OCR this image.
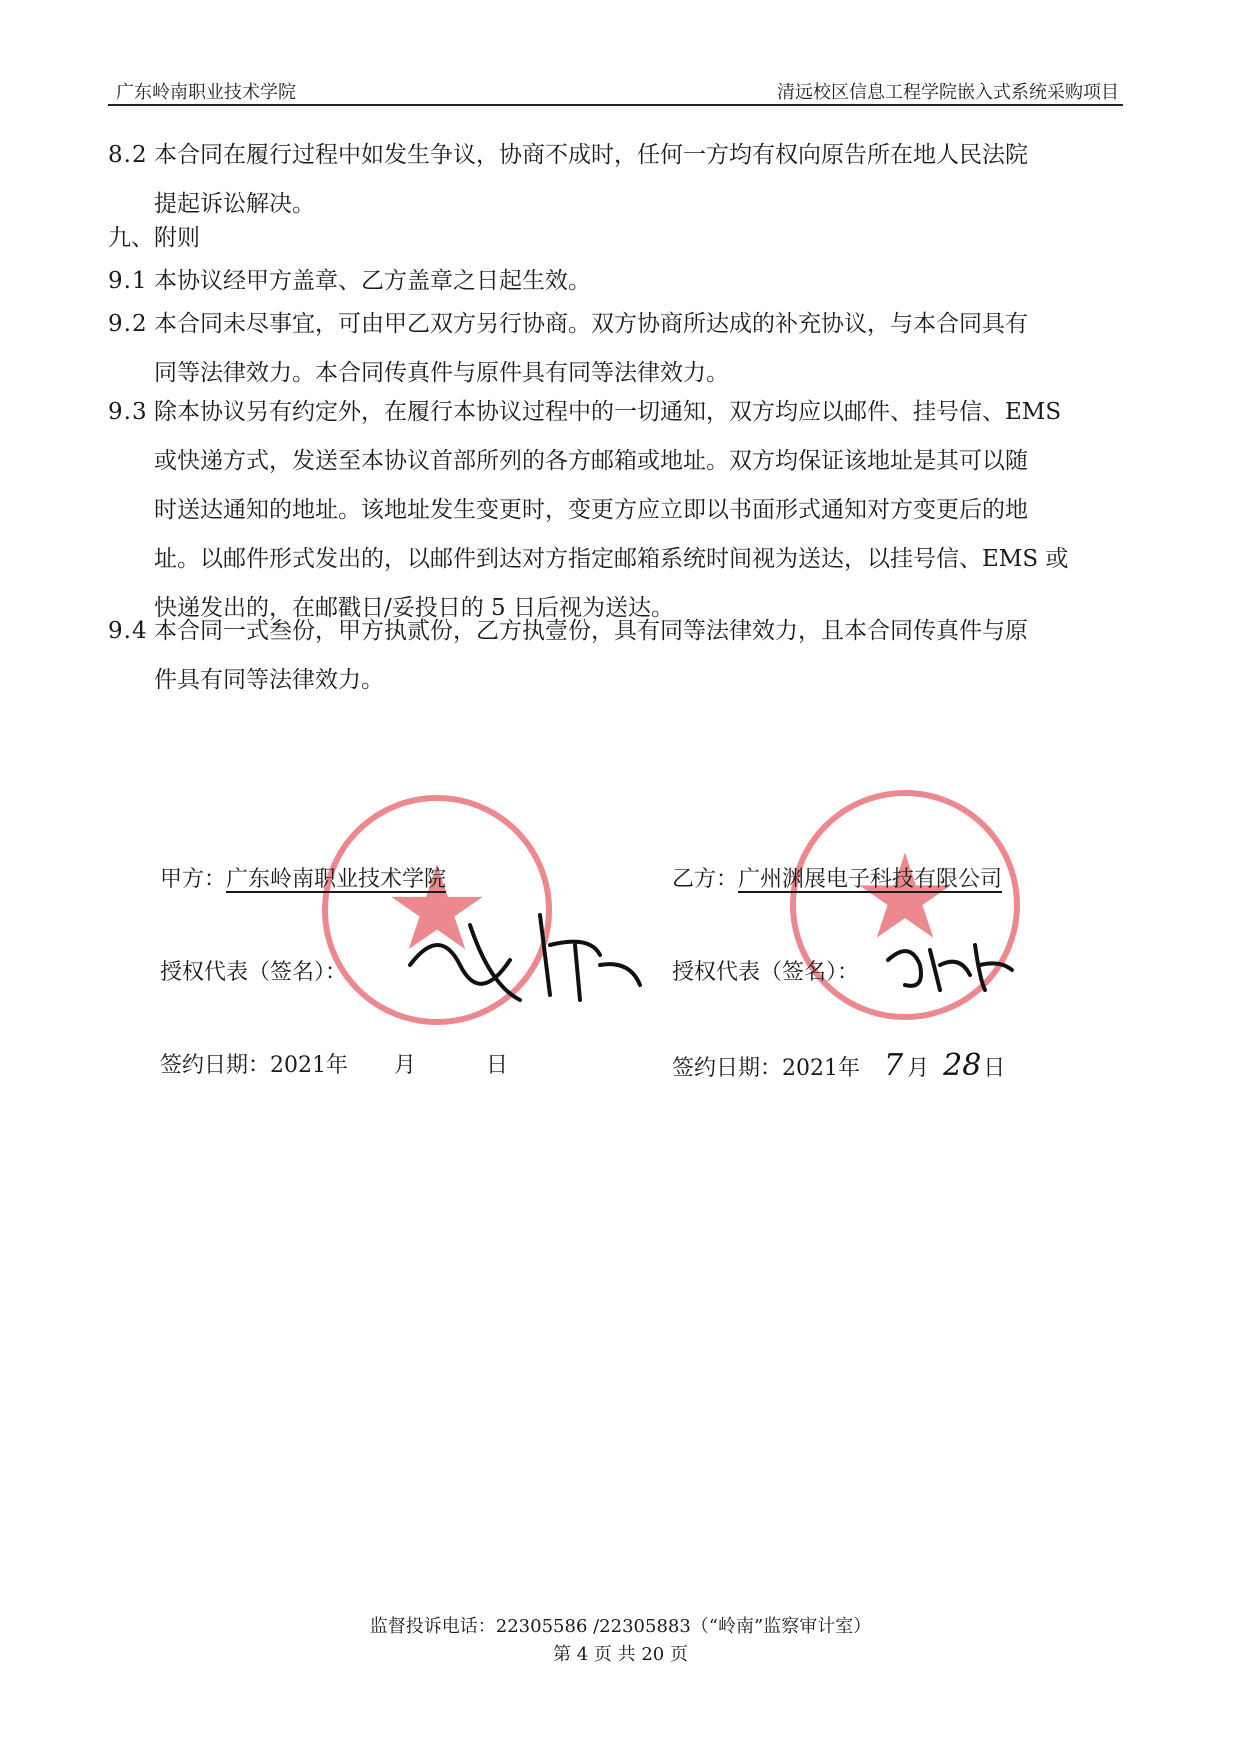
广东岭南职业技术学院	清远校区信息工程学院嵌入式系统采购项目
8.2 本合同在履行过程中如发生争议，协商不成时，任何一方均有权向原告所在地人民法院
提起诉讼解决。
九、附则
9.1 本协议经甲方盖章、乙方盖章之日起生效。
9.2 本合同未尽事宜，可由甲乙双方另行协商。双方协商所达成的补充协议，与本合同具有
同等法律效力。本合同传真件与原件具有同等法律效力。
9.3 除本协议另有约定外，在履行本协议过程中的一切通知，双方均应以邮件、挂号信、EMS
或快递方式，发送至本协议首部所列的各方邮箱或地址。双方均保证该地址是其可以随
时送达通知的地址。该地址发生变更时，变更方应立即以书面形式通知对方变更后的地
址。以邮件形式发出的，以邮件到达对方指定邮箱系统时间视为送达，以挂号信、EMS 或
快递发出的，在邮戳日/妥投日的 5 日后视为送达。
9.4 本合同一式叁份，甲方执贰份，乙方执壹份，具有同等法律效力，且本合同传真件与原
件具有同等法律效力。
甲方：广东岭南职业技术学院
授权代表（签名）：
签约日期：2021年 月	日
乙方：广州渊展电子科技有限公司
授权代表（签名）：
签约日期：2021年 7 月 28日
监督投诉电话：22305586 /22305883（“岭南”监察审计室）
第 4 页 共 20 页
